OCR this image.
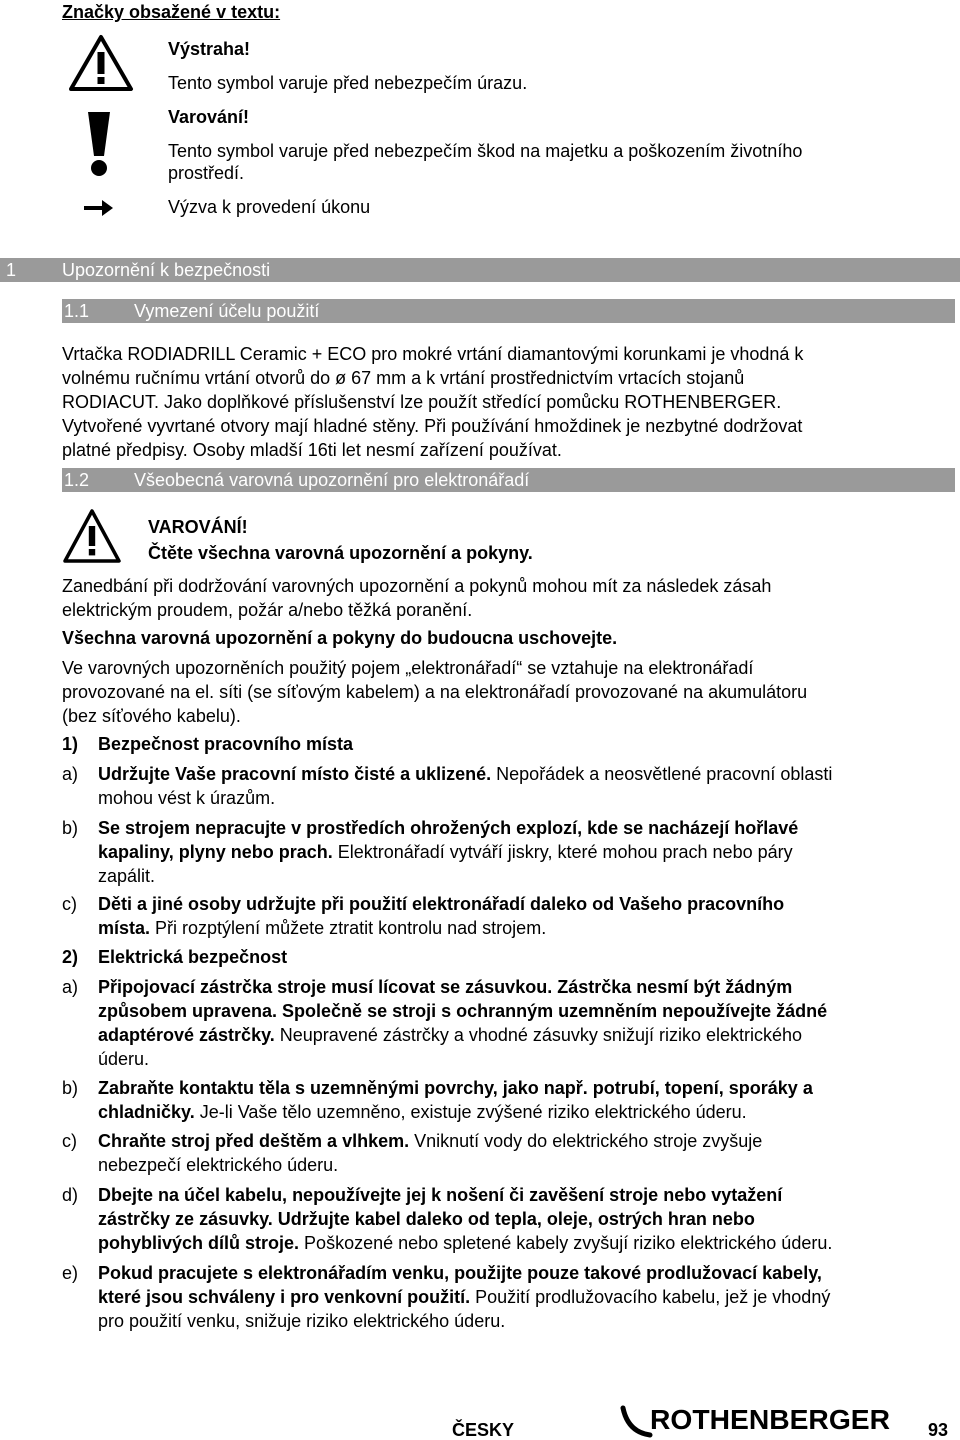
Značky obsažené v textu:
Výstraha!
Tento symbol varuje před nebezpečím úrazu.
Varování!
Tento symbol varuje před nebezpečím škod na majetku a poškozením životního
prostředí.
Výzva k provedení úkonu
1	Upozornění k bezpečnosti
1.1 Vymezení účelu použití
Vrtačka RODIADRILL Ceramic + ECO pro mokré vrtání diamantovými korunkami je vhodná k
volnému ručnímu vrtání otvorů do ø 67 mm a k vrtání prostřednictvím vrtacích stojanů
RODIACUT. Jako doplňkové příslušenství lze použít středící pomůcku ROTHENBERGER.
Vytvořené vyvrtané otvory mají hladné stěny. Při používání hmoždinek je nezbytné dodržovat
platné předpisy. Osoby mladší 16ti let nesmí zařízení používat.
1.2 Všeobecná varovná upozornění pro elektronářadí
VAROVÁNÍ!
Čtěte všechna varovná upozornění a pokyny.
Zanedbání při dodržování varovných upozornění a pokynů mohou mít za následek zásah
elektrickým proudem, požár a/nebo těžká poranění.
Všechna varovná upozornění a pokyny do budoucna uschovejte.
Ve varovných upozorněních použitý pojem „elektronářadí“ se vztahuje na elektronářadí
provozované na el. síti (se síťovým kabelem) a na elektronářadí provozované na akumulátoru
(bez síťového kabelu).
1) Bezpečnost pracovního místa
a)	Udržujte Vaše pracovní místo čisté a uklizené. Nepořádek a neosvětlené pracovní oblasti
mohou vést k úrazům.
b)	Se strojem nepracujte v prostředích ohrožených explozí, kde se nacházejí hořlavé
kapaliny, plyny nebo prach. Elektronářadí vytváří jiskry, které mohou prach nebo páry
zapálit.
c)	Děti a jiné osoby udržujte při použití elektronářadí daleko od Vašeho pracovního
místa. Při rozptýlení můžete ztratit kontrolu nad strojem.
2) Elektrická bezpečnost
a)	Připojovací zástrčka stroje musí lícovat se zásuvkou. Zástrčka nesmí být žádným
způsobem upravena. Společně se stroji s ochranným uzemněním nepoužívejte žádné
adaptérové zástrčky. Neupravené zástrčky a vhodné zásuvky snižují riziko elektrického
úderu.
b)	Zabraňte kontaktu těla s uzemněnými povrchy, jako např. potrubí, topení, sporáky a
chladničky. Je-li Vaše tělo uzemněno, existuje zvýšené riziko elektrického úderu.
c)	Chraňte stroj před deštěm a vlhkem. Vniknutí vody do elektrického stroje zvyšuje
nebezpečí elektrického úderu.
d)	Dbejte na účel kabelu, nepoužívejte jej k nošení či zavěšení stroje nebo vytažení
zástrčky ze zásuvky. Udržujte kabel daleko od tepla, oleje, ostrých hran nebo
pohyblivých dílů stroje. Poškozené nebo spletené kabely zvyšují riziko elektrického úderu.
e)	Pokud pracujete s elektronářadím venku, použijte pouze takové prodlužovací kabely,
které jsou schváleny i pro venkovní použití. Použití prodlužovacího kabelu, jež je vhodný
pro použití venku, snižuje riziko elektrického úderu.
ČESKY	ROTHENBERGER 93
